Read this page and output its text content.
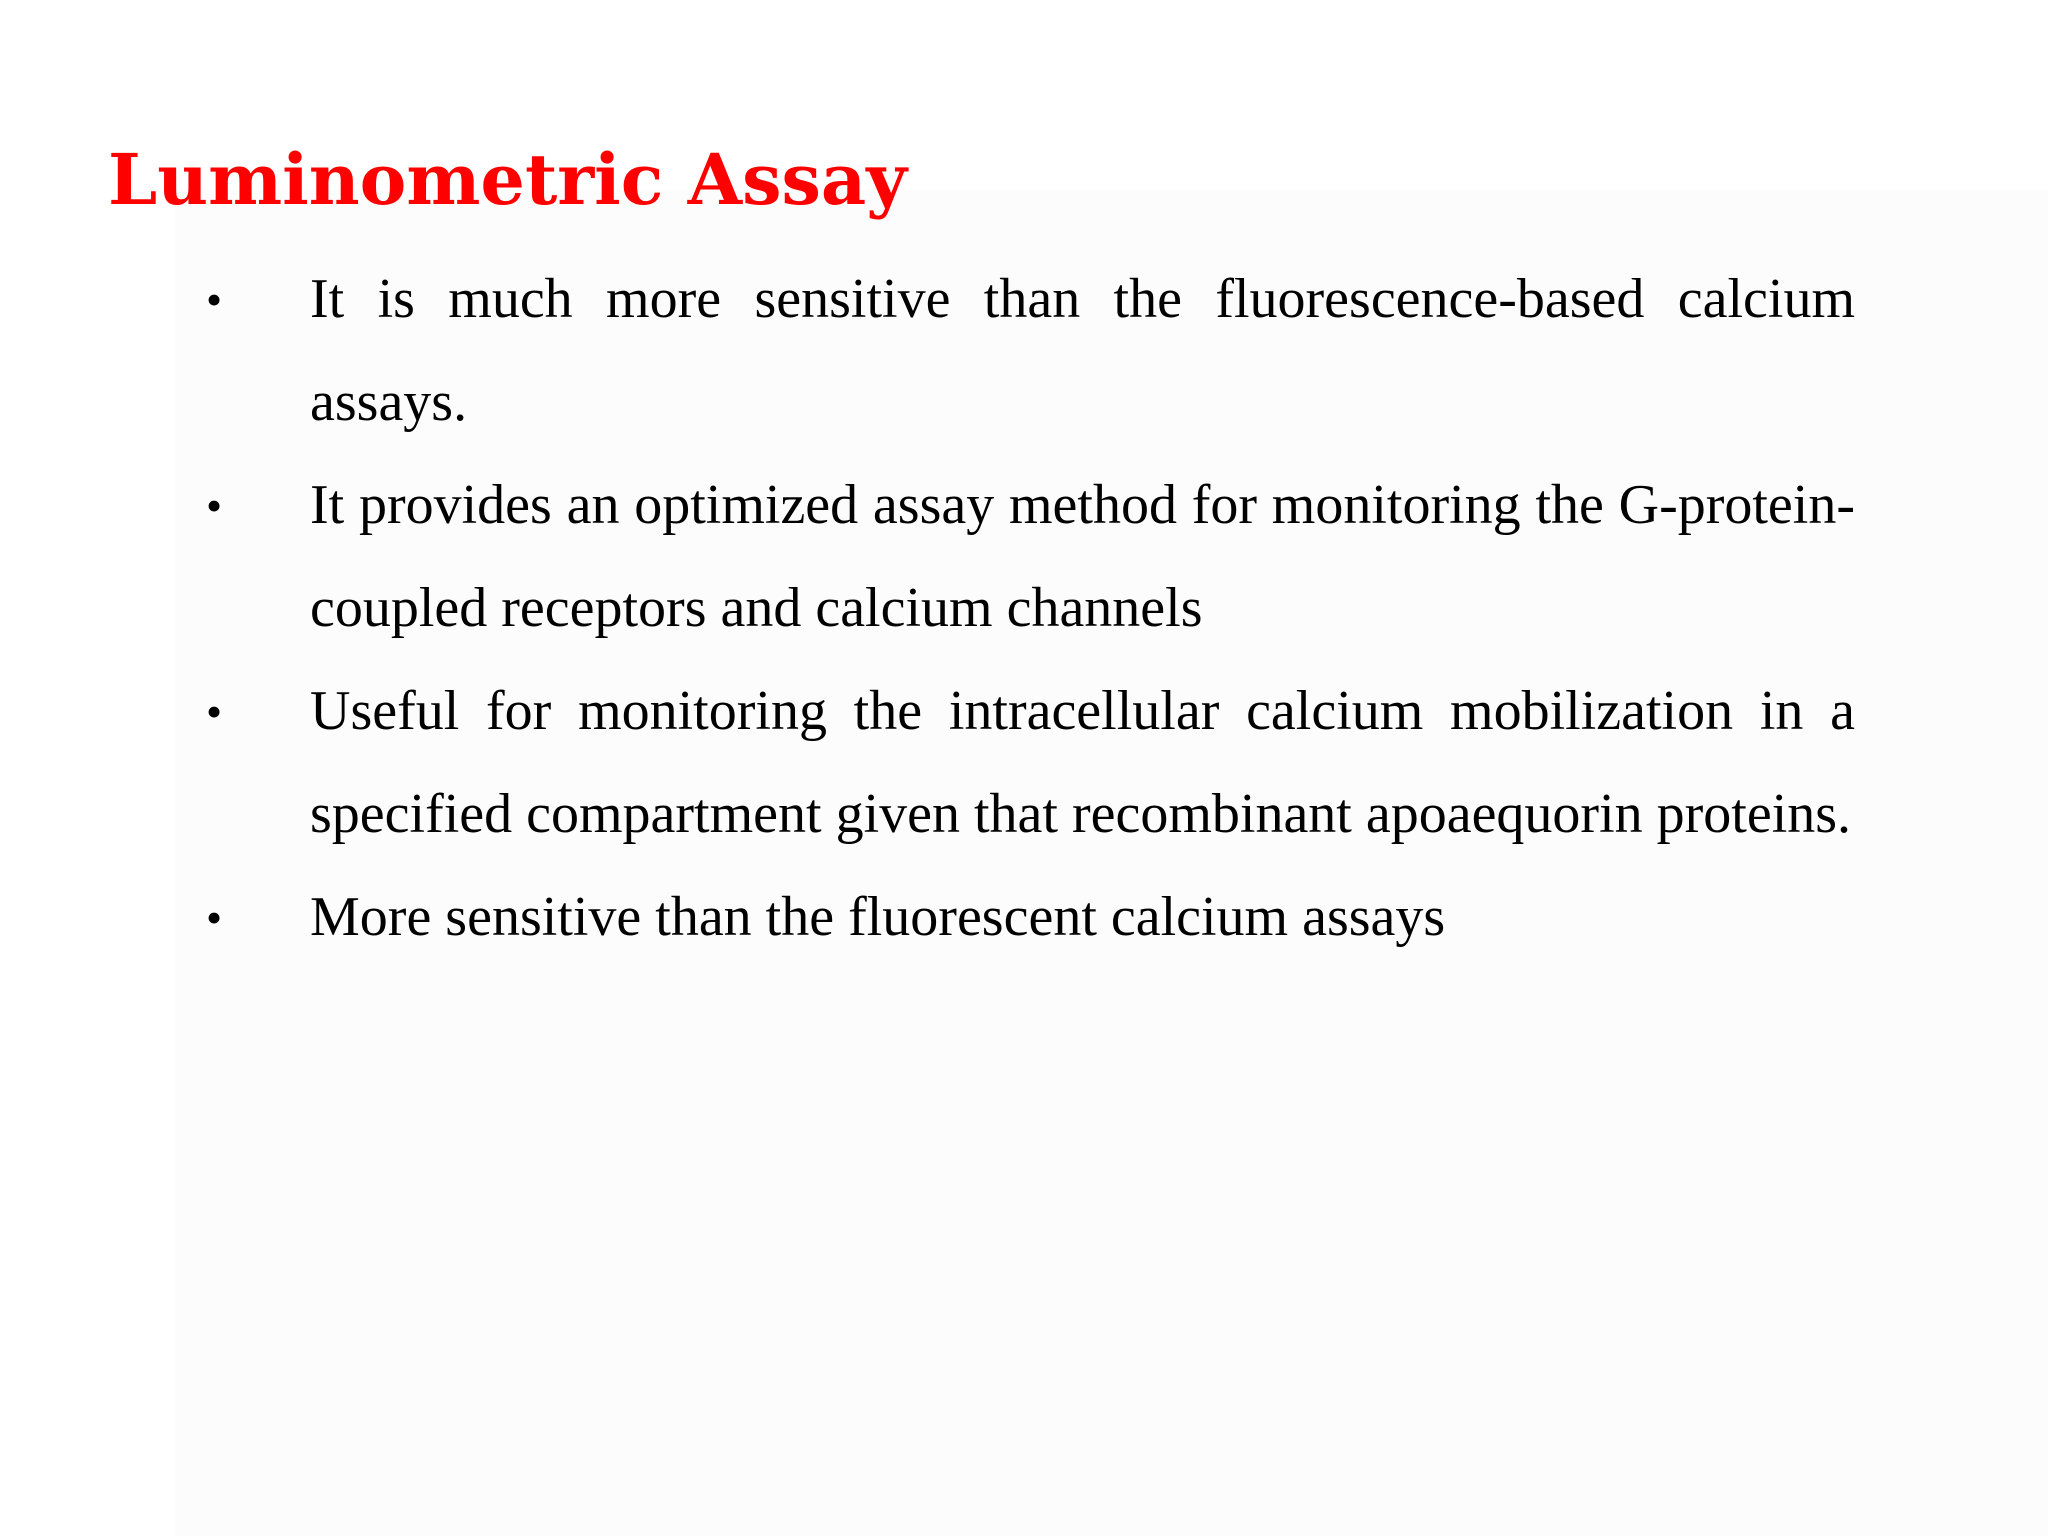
Luminometric Assay
• It is much more sensitive than the fluorescence-based calcium assays.
• It provides an optimized assay method for monitoring the G-protein-coupled receptors and calcium channels
• Useful for monitoring the intracellular calcium mobilization in a specified compartment given that recombinant apoaequorin proteins.
• More sensitive than the fluorescent calcium assays
